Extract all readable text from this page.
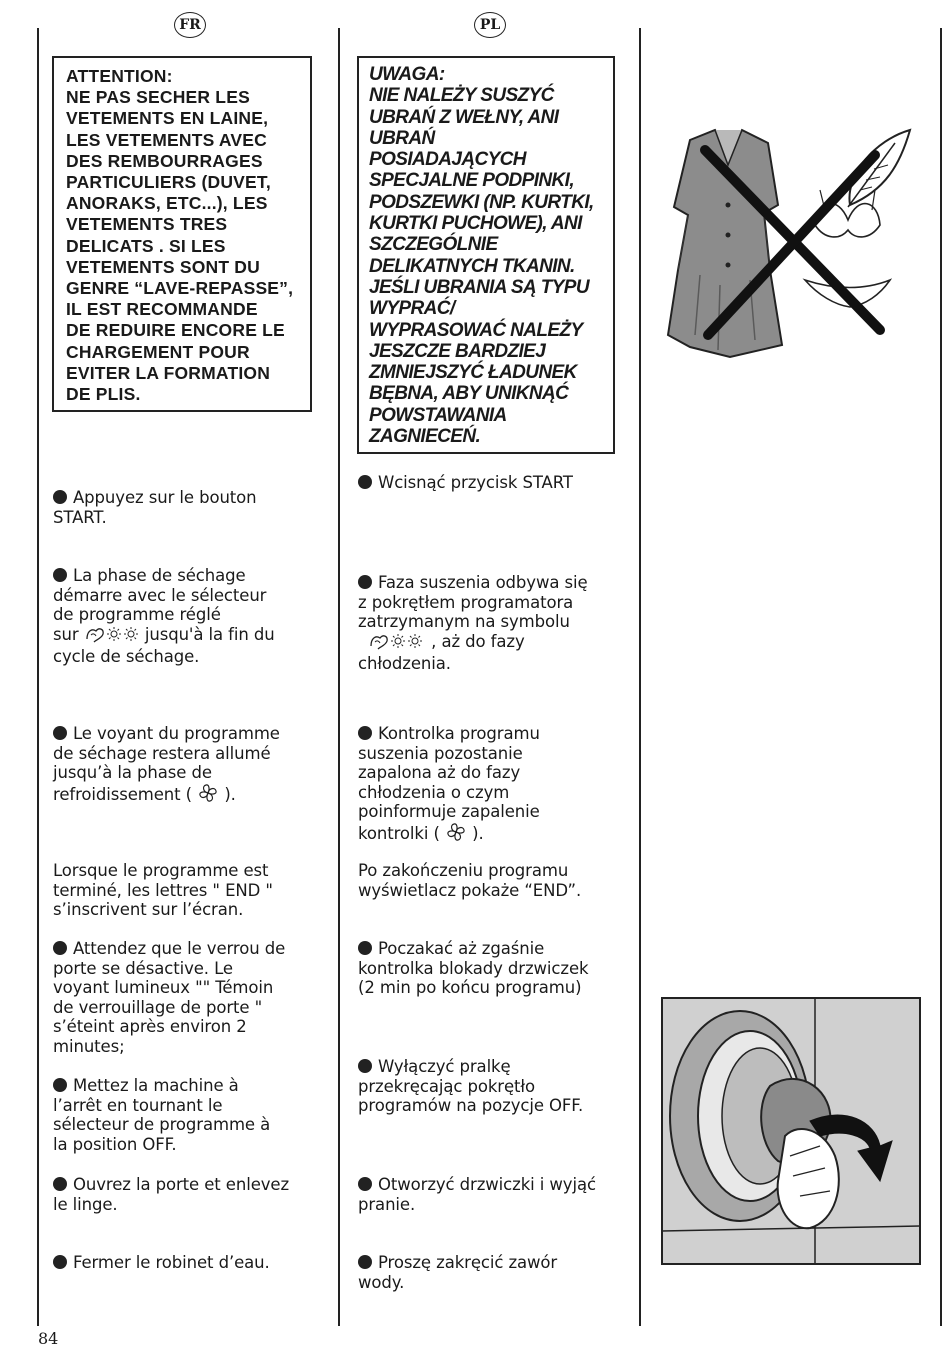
FR	PL
ATTENTION:
NE PAS SECHER LES
VETEMENTS EN LAINE,
LES VETEMENTS AVEC
DES REMBOURRAGES
PARTICULIERS (DUVET,
ANORAKS, ETC...), LES
VETEMENTS TRES
DELICATS . SI LES
VETEMENTS SONT DU
GENRE “LAVE-REPASSE”,
IL EST RECOMMANDE
DE REDUIRE ENCORE LE
CHARGEMENT POUR
EVITER LA FORMATION
DE PLIS.
UWAGA:
NIE NALEŻY SUSZYĆ
UBRAŃ Z WEŁNY, ANI
UBRAŃ
POSIADAJĄCYCH
SPECJALNE PODPINKI,
PODSZEWKI (NP. KURTKI,
KURTKI PUCHOWE), ANI
SZCZEGÓLNIE
DELIKATNYCH TKANIN.
JEŚLI UBRANIA SĄ TYPU
WYPRAĆ/
WYPRASOWAĆ NALEŻY
JESZCZE BARDZIEJ
ZMNIEJSZYĆ ŁADUNEK
BĘBNA, ABY UNIKNĄĆ
POWSTAWANIA
ZAGNIECEŃ.
Appuyez sur le bouton
START.
La phase de séchage
démarre avec le sélecteur
de programme réglé
sur	jusqu'à la fin du
cycle de séchage.
Le voyant du programme
de séchage restera allumé
jusqu’à la phase de
refroidissement ( ).
Lorsque le programme est
terminé, les lettres " END "
s’inscrivent sur l’écran.
Attendez que le verrou de
porte se désactive. Le
voyant lumineux "" Témoin
de verrouillage de porte "
s’éteint après environ 2
minutes;
Mettez la machine à
l’arrêt en tournant le
sélecteur de programme à
la position OFF.
Ouvrez la porte et enlevez
le linge.
Fermer le robinet d’eau.
Wcisnąć przycisk START
Faza suszenia odbywa się
z pokrętłem programatora
zatrzymanym na symbolu
, aż do fazy
chłodzenia.
Kontrolka programu
suszenia pozostanie
zapalona aż do fazy
chłodzenia o czym
poinformuje zapalenie
kontrolki ( ).
Po zakończeniu programu
wyświetlacz pokaże “END”.
Poczakać aż zgaśnie
kontrolka blokady drzwiczek
(2 min po końcu programu)
Wyłączyć pralkę
przekręcając pokrętło
programów na pozycje OFF.
Otworzyć drzwiczki i wyjąć
pranie.
Proszę zakręcić zawór
wody.
84
